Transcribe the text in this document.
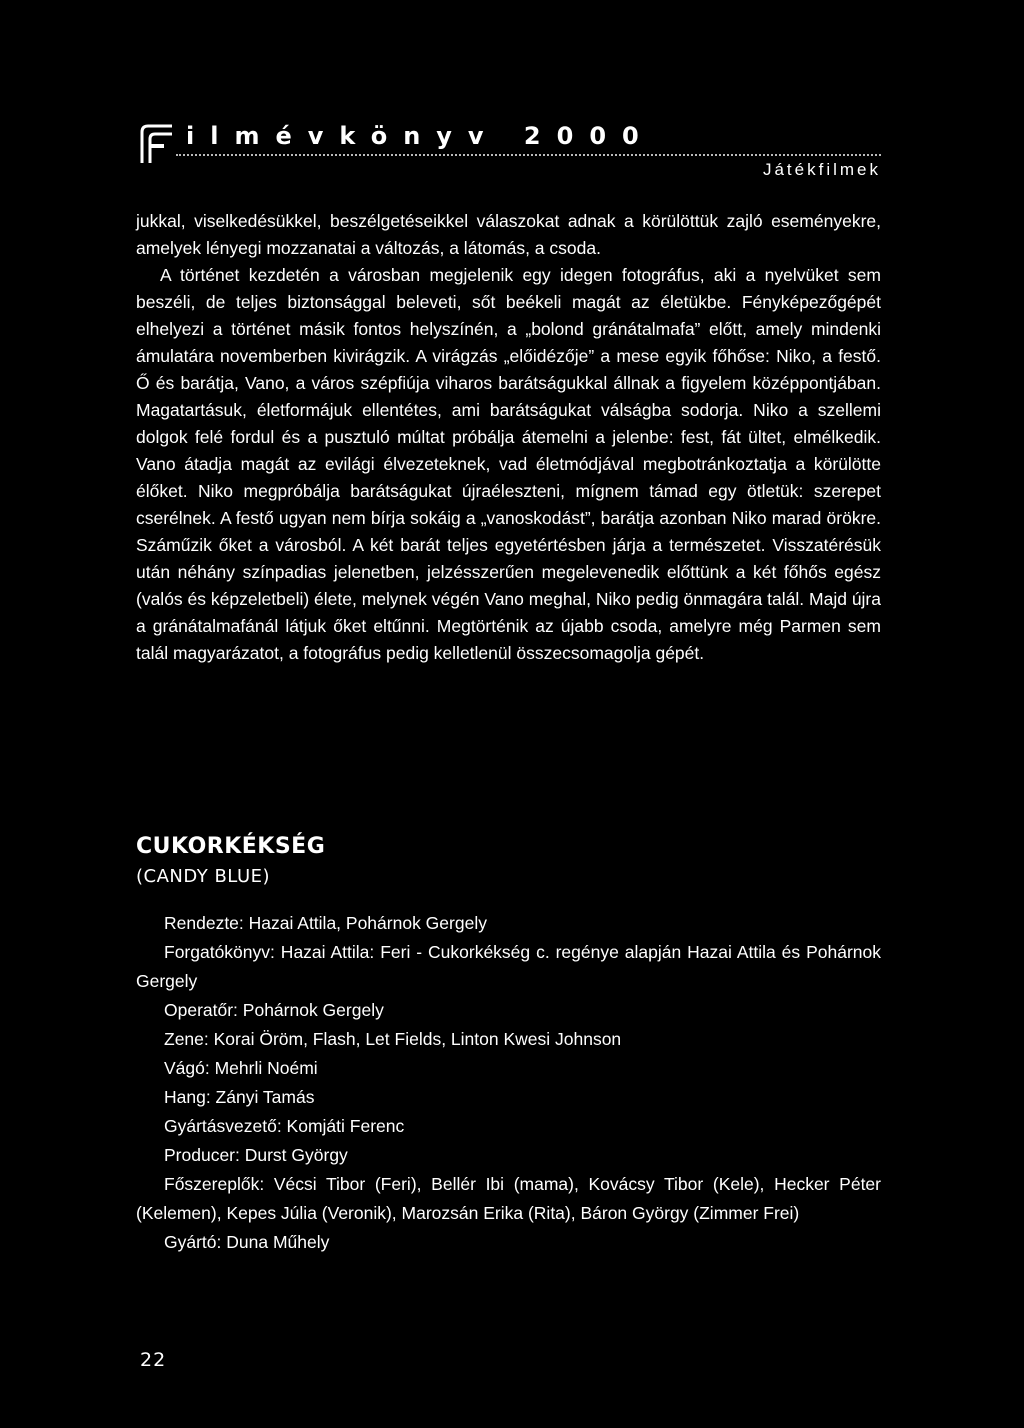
ilmévkönyv 2000
Játékfilmek

jukkal, viselkedésükkel, beszélgetéseikkel válaszokat adnak a körülöttük zajló eseményekre, amelyek lényegi mozzanatai a változás, a látomás, a csoda.

A történet kezdetén a városban megjelenik egy idegen fotográfus, aki a nyelvüket sem beszéli, de teljes biztonsággal beleveti, sőt beékeli magát az életükbe. Fényképezőgépét elhelyezi a történet másik fontos helyszínén, a „bolond gránátalmafa” előtt, amely mindenki ámulatára novemberben kivirágzik. A virágzás „előidézője” a mese egyik főhőse: Niko, a festő. Ő és barátja, Vano, a város szépfiúja viharos barátságukkal állnak a figyelem középpontjában. Magatartásuk, életformájuk ellentétes, ami barátságukat válságba sodorja. Niko a szellemi dolgok felé fordul és a pusztuló múltat próbálja átemelni a jelenbe: fest, fát ültet, elmélkedik. Vano átadja magát az evilági élvezeteknek, vad életmódjával megbotránkoztatja a körülötte élőket. Niko megpróbálja barátságukat újraéleszteni, mígnem támad egy ötletük: szerepet cserélnek. A festő ugyan nem bírja sokáig a „vanoskodást”, barátja azonban Niko marad örökre. Száműzik őket a városból. A két barát teljes egyetértésben járja a természetet. Visszatérésük után néhány színpadias jelenetben, jelzésszerűen megelevenedik előttünk a két főhős egész (valós és képzeletbeli) élete, melynek végén Vano meghal, Niko pedig önmagára talál. Majd újra a gránátalmafánál látjuk őket eltűnni. Megtörténik az újabb csoda, amelyre még Parmen sem talál magyarázatot, a fotográfus pedig kelletlenül összecsomagolja gépét.

CUKORKÉKSÉG
(CANDY BLUE)
Rendezte: Hazai Attila, Pohárnok Gergely
Forgatókönyv: Hazai Attila: Feri - Cukorkékség c. regénye alapján Hazai Attila és Pohárnok Gergely
Operatőr: Pohárnok Gergely
Zene: Korai Öröm, Flash, Let Fields, Linton Kwesi Johnson
Vágó: Mehrli Noémi
Hang: Zányi Tamás
Gyártásvezető: Komjáti Ferenc
Producer: Durst György
Főszereplők: Vécsi Tibor (Feri), Bellér Ibi (mama), Kovácsy Tibor (Kele), Hecker Péter (Kelemen), Kepes Júlia (Veronik), Marozsán Erika (Rita), Báron György (Zimmer Frei)
Gyártó: Duna Műhely
22
